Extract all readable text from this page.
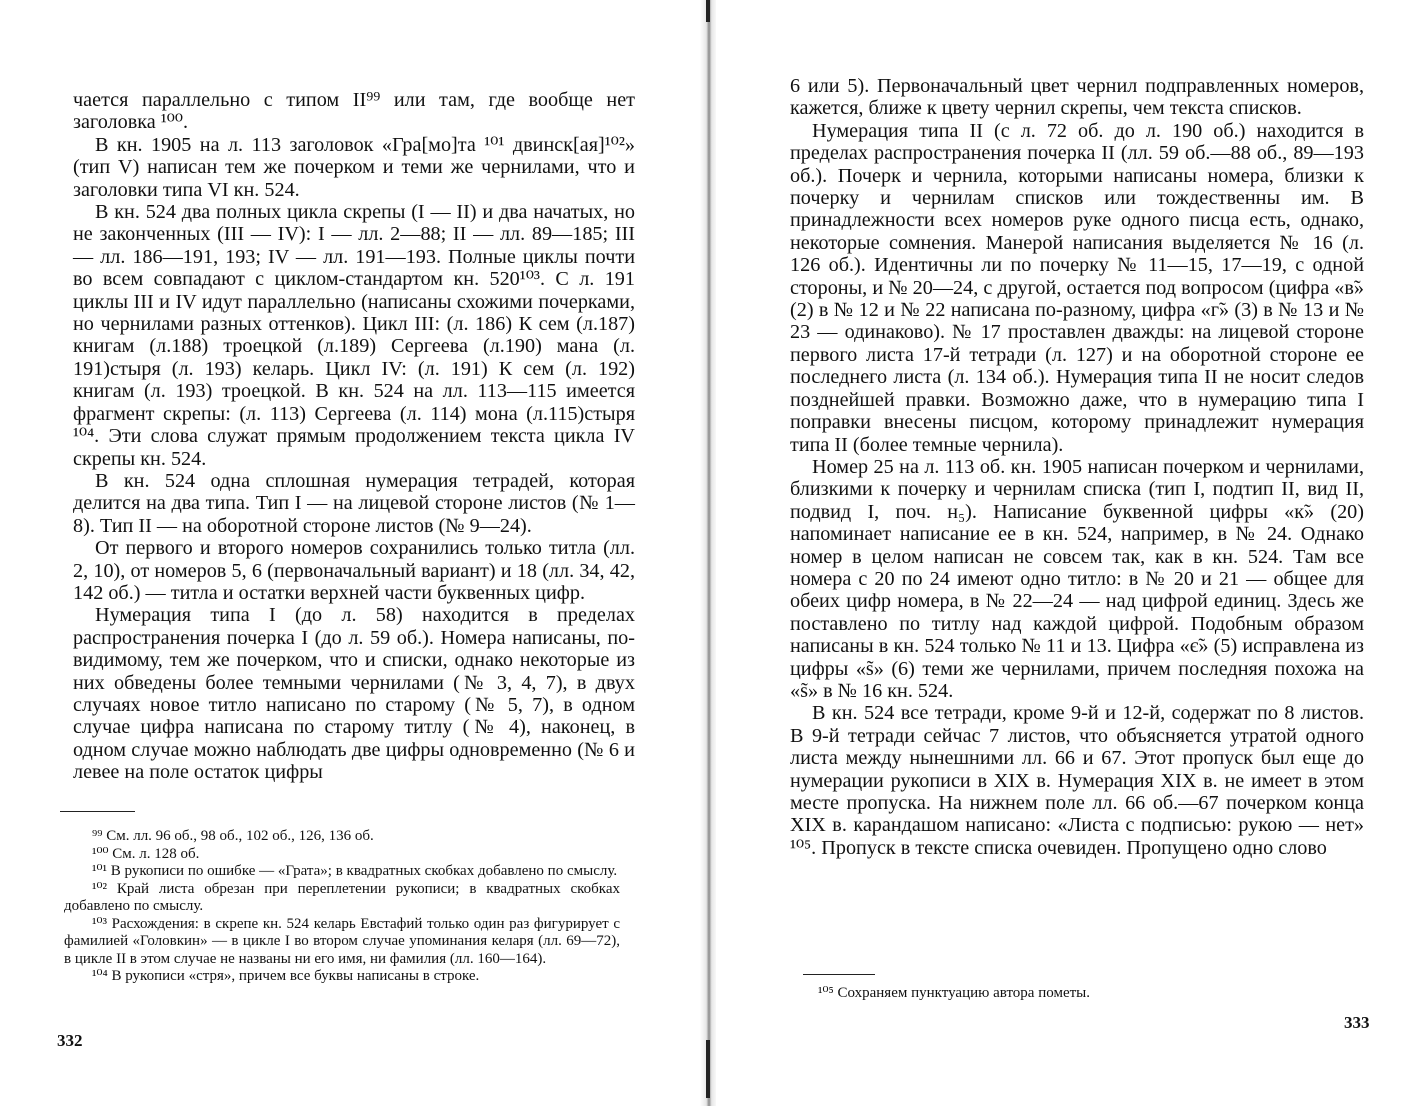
чается параллельно с типом II⁹⁹ или там, где вообще нет заголовка ¹⁰⁰.

В кн. 1905 на л. 113 заголовок «Гра[мо]та ¹⁰¹ двинск[ая]¹⁰²» (тип V) написан тем же почерком и теми же чернилами, что и заголовки типа VI кн. 524.

В кн. 524 два полных цикла скрепы (I — II) и два начатых, но не законченных (III — IV): I — лл. 2—88; II — лл. 89—185; III — лл. 186—191, 193; IV — лл. 191—193. Полные циклы почти во всем совпадают с циклом-стандартом кн. 520¹⁰³. С л. 191 циклы III и IV идут параллельно (написаны схожими почерками, но чернилами разных оттенков). Цикл III: (л. 186) К сем (л.187) книгам (л.188) троецкой (л.189) Сергеева (л.190) мана (л. 191)стыря (л. 193) келарь. Цикл IV: (л. 191) К сем (л. 192) книгам (л. 193) троецкой. В кн. 524 на лл. 113—115 имеется фрагмент скрепы: (л. 113) Сергеева (л. 114) мона (л.115)стыря ¹⁰⁴. Эти слова служат прямым продолжением текста цикла IV скрепы кн. 524.

В кн. 524 одна сплошная нумерация тетрадей, которая делится на два типа. Тип I — на лицевой стороне листов (№ 1—8). Тип II — на оборотной стороне листов (№ 9—24).

От первого и второго номеров сохранились только титла (лл. 2, 10), от номеров 5, 6 (первоначальный вариант) и 18 (лл. 34, 42, 142 об.) — титла и остатки верхней части буквенных цифр.

Нумерация типа I (до л. 58) находится в пределах распространения почерка I (до л. 59 об.). Номера написаны, по-видимому, тем же почерком, что и списки, однако некоторые из них обведены более темными чернилами (№ 3, 4, 7), в двух случаях новое титло написано по старому (№ 5, 7), в одном случае цифра написана по старому титлу (№ 4), наконец, в одном случае можно наблюдать две цифры одновременно (№ 6 и левее на поле остаток цифры

⁹⁹ См. лл. 96 об., 98 об., 102 об., 126, 136 об.

¹⁰⁰ См. л. 128 об.

¹⁰¹ В рукописи по ошибке — «Грата»; в квадратных скобках добавлено по смыслу.

¹⁰² Край листа обрезан при переплетении рукописи; в квадратных скобках добавлено по смыслу.

¹⁰³ Расхождения: в скрепе кн. 524 келарь Евстафий только один раз фигурирует с фамилией «Головкин» — в цикле I во втором случае упоминания келаря (лл. 69—72), в цикле II в этом случае не названы ни его имя, ни фамилия (лл. 160—164).

¹⁰⁴ В рукописи «стря», причем все буквы написаны в строке.

332

6 или 5). Первоначальный цвет чернил подправленных номеров, кажется, ближе к цвету чернил скрепы, чем текста списков.

Нумерация типа II (с л. 72 об. до л. 190 об.) находится в пределах распространения почерка II (лл. 59 об.—88 об., 89—193 об.). Почерк и чернила, которыми написаны номера, близки к почерку и чернилам списков или тождественны им. В принадлежности всех номеров руке одного писца есть, однако, некоторые сомнения. Манерой написания выделяется № 16 (л. 126 об.). Идентичны ли по почерку № 11—15, 17—19, с одной стороны, и № 20—24, с другой, остается под вопросом (цифра «в̃» (2) в № 12 и № 22 написана по-разному, цифра «г̃» (3) в № 13 и № 23 — одинаково). № 17 проставлен дважды: на лицевой стороне первого листа 17-й тетради (л. 127) и на оборотной стороне ее последнего листа (л. 134 об.). Нумерация типа II не носит следов позднейшей правки. Возможно даже, что в нумерацию типа I поправки внесены писцом, которому принадлежит нумерация типа II (более темные чернила).

Номер 25 на л. 113 об. кн. 1905 написан почерком и чернилами, близкими к почерку и чернилам списка (тип I, подтип II, вид II, подвид I, поч. н₅). Написание буквенной цифры «к̃» (20) напоминает написание ее в кн. 524, например, в № 24. Однако номер в целом написан не совсем так, как в кн. 524. Там все номера с 20 по 24 имеют одно титло: в № 20 и 21 — общее для обеих цифр номера, в № 22—24 — над цифрой единиц. Здесь же поставлено по титлу над каждой цифрой. Подобным образом написаны в кн. 524 только № 11 и 13. Цифра «є̃» (5) исправлена из цифры «s̃» (6) теми же чернилами, причем последняя похожа на «s̃» в № 16 кн. 524.

В кн. 524 все тетради, кроме 9-й и 12-й, содержат по 8 листов. В 9-й тетради сейчас 7 листов, что объясняется утратой одного листа между нынешними лл. 66 и 67. Этот пропуск был еще до нумерации рукописи в XIX в. Нумерация XIX в. не имеет в этом месте пропуска. На нижнем поле лл. 66 об.—67 почерком конца XIX в. карандашом написано: «Листа с подписью: рукою — нет» ¹⁰⁵. Пропуск в тексте списка очевиден. Пропущено одно слово

¹⁰⁵ Сохраняем пунктуацию автора пометы.

333
